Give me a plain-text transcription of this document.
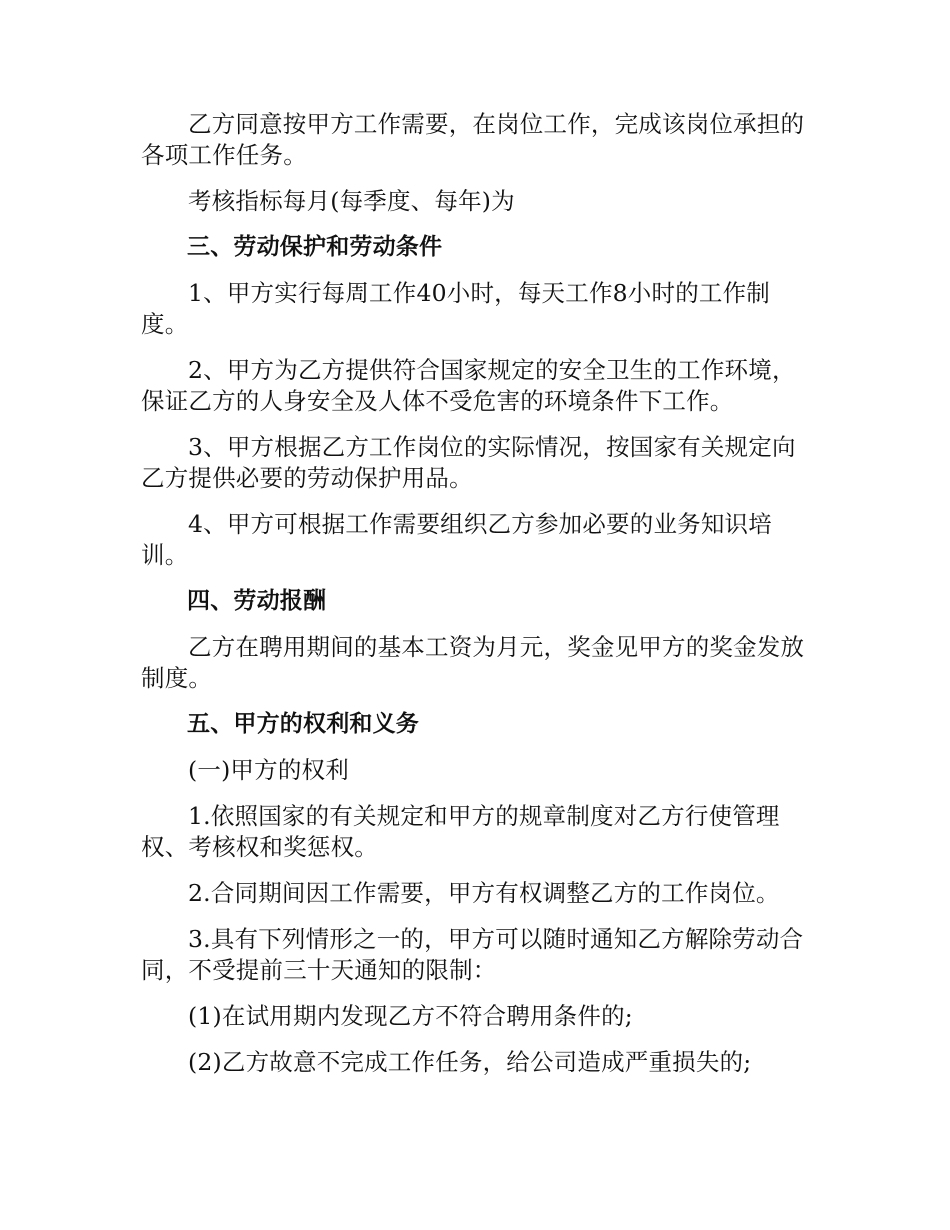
乙方同意按甲方工作需要，在岗位工作，完成该岗位承担的各项工作任务。

考核指标每月(每季度、每年)为

三、劳动保护和劳动条件

1、甲方实行每周工作40小时，每天工作8小时的工作制度。

2、甲方为乙方提供符合国家规定的安全卫生的工作环境，保证乙方的人身安全及人体不受危害的环境条件下工作。

3、甲方根据乙方工作岗位的实际情况，按国家有关规定向乙方提供必要的劳动保护用品。

4、甲方可根据工作需要组织乙方参加必要的业务知识培训。

四、劳动报酬

乙方在聘用期间的基本工资为月元，奖金见甲方的奖金发放制度。

五、甲方的权利和义务

(一)甲方的权利

1.依照国家的有关规定和甲方的规章制度对乙方行使管理权、考核权和奖惩权。

2.合同期间因工作需要，甲方有权调整乙方的工作岗位。

3.具有下列情形之一的，甲方可以随时通知乙方解除劳动合同，不受提前三十天通知的限制：

(1)在试用期内发现乙方不符合聘用条件的;

(2)乙方故意不完成工作任务，给公司造成严重损失的;
